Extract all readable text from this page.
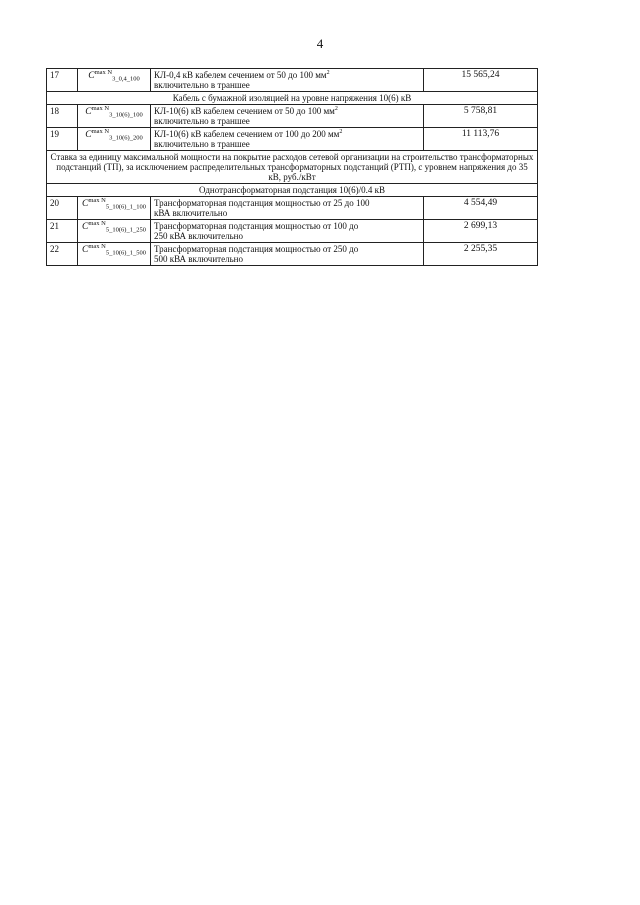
4
17	$C^{max N}_{3\_0,4\_100}$	КЛ-0,4 кВ кабелем сечением от 50 до 100 $мм^2$
включительно в траншее	15 565,24
Кабель с бумажной изоляцией на уровне напряжения 10(6) кВ			
18	$C^{max N}_{3\_10(6)\_100}$	КЛ-10(6) кВ кабелем сечением от 50 до 100 $мм^2$
включительно в траншее	5 758,81
19	$C^{max N}_{3\_10(6)\_200}$	КЛ-10(6) кВ кабелем сечением от 100 до 200 $мм^2$
включительно в траншее	11 113,76
Ставка за единицу максимальной мощности на покрытие расходов сетевой организации на строительство трансформаторных подстанций (ТП), за исключением распределительных трансформаторных подстанций (РТП), с уровнем напряжения до 35 кВ, руб./кВт			
Однотрансформаторная подстанция 10(6)/0.4 кВ			
20	$C^{max N}_{5\_10(6)\_1\_100}$	Трансформаторная подстанция мощностью от 25 до 100
кВА включительно	4 554,49
21	$C^{max N}_{5\_10(6)\_1\_250}$	Трансформаторная подстанция мощностью от 100 до
250 кВА включительно	2 699,13
22	$C^{max N}_{5\_10(6)\_1\_500}$	Трансформаторная подстанция мощностью от 250 до
500 кВА включительно	2 255,35
